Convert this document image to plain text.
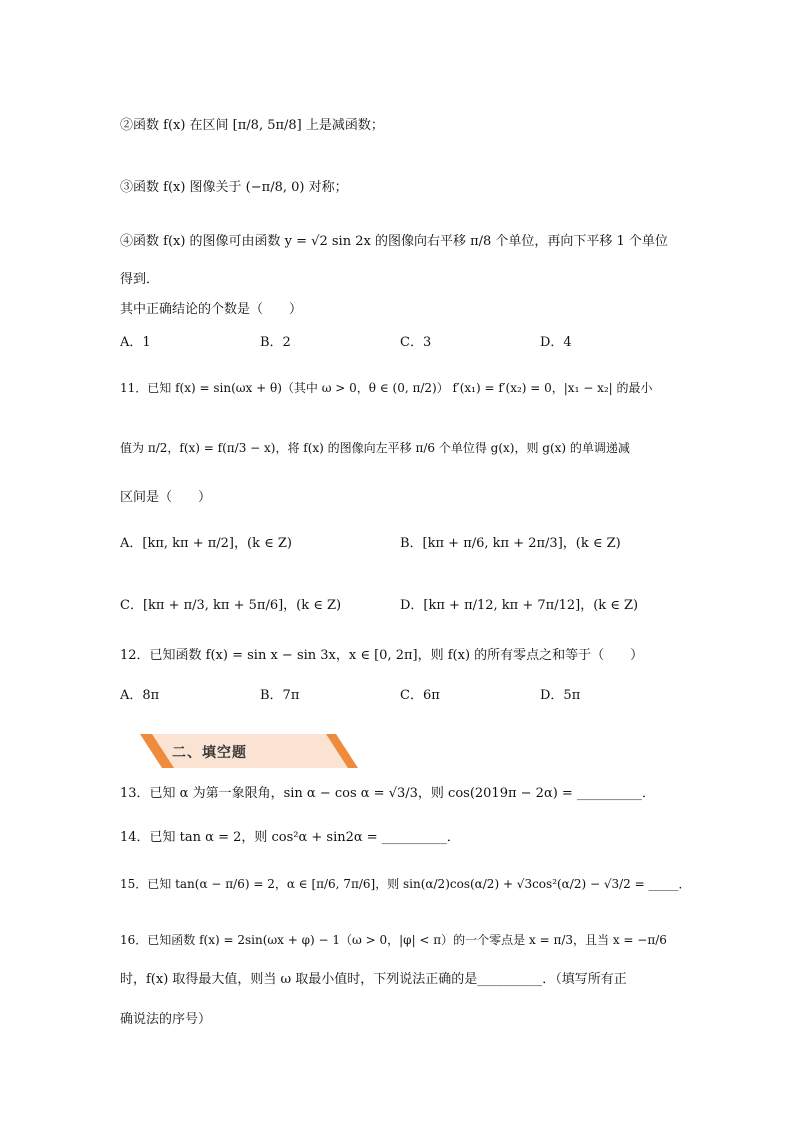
②函数 f(x) 在区间 [π/8, 5π/8] 上是减函数；
③函数 f(x) 图像关于 (−π/8, 0) 对称；
④函数 f(x) 的图像可由函数 y = √2 sin 2x 的图像向右平移 π/8 个单位，再向下平移 1 个单位
得到．
其中正确结论的个数是（　　）
A．1	B．2	C．3	D．4
11．已知 f(x) = sin(ωx + θ)（其中 ω > 0，θ ∈ (0, π/2)） f′(x₁) = f′(x₂) = 0，|x₁ − x₂| 的最小
值为 π/2，f(x) = f(π/3 − x)，将 f(x) 的图像向左平移 π/6 个单位得 g(x)，则 g(x) 的单调递减
区间是（　　）
A．[kπ, kπ + π/2]，(k ∈ Z)	B．[kπ + π/6, kπ + 2π/3]，(k ∈ Z)
C．[kπ + π/3, kπ + 5π/6]，(k ∈ Z)	D．[kπ + π/12, kπ + 7π/12]，(k ∈ Z)
12．已知函数 f(x) = sin x − sin 3x，x ∈ [0, 2π]，则 f(x) 的所有零点之和等于（　　）
A．8π	B．7π	C．6π	D．5π
二、填空题
13．已知 α 为第一象限角，sin α − cos α = √3/3，则 cos(2019π − 2α) = __________．
14．已知 tan α = 2，则 cos²α + sin2α = __________．
15．已知 tan(α − π/6) = 2，α ∈ [π/6, 7π/6]，则 sin(α/2)cos(α/2) + √3cos²(α/2) − √3/2 = _____．
16．已知函数 f(x) = 2sin(ωx + φ) − 1（ω > 0，|φ| < π）的一个零点是 x = π/3，且当 x = −π/6
时，f(x) 取得最大值，则当 ω 取最小值时，下列说法正确的是__________．（填写所有正
确说法的序号）
